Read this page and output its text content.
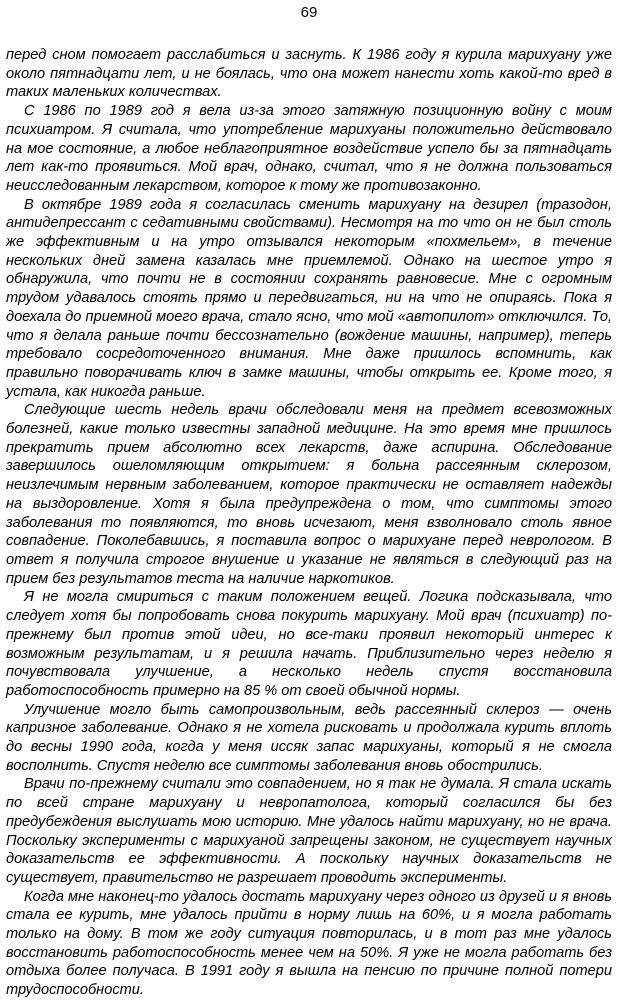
69

перед сном помогает расслабиться и заснуть. К 1986 году я курила марихуану уже около пятнадцати лет, и не боялась, что она может нанести хоть какой-то вред в таких маленьких количествах.

С 1986 по 1989 год я вела из-за этого затяжную позиционную войну с моим психиатром. Я считала, что употребление марихуаны положительно действовало на мое состояние, а любое неблагоприятное воздействие успело бы за пятнадцать лет как-то проявиться. Мой врач, однако, считал, что я не должна пользоваться неисследованным лекарством, которое к тому же противозаконно.

В октябре 1989 года я согласилась сменить марихуану на дезирел (тразодон, антидепрессант с седативными свойствами). Несмотря на то что он не был столь же эффективным и на утро отзывался некоторым «похмельем», в течение нескольких дней замена казалась мне приемлемой. Однако на шестое утро я обнаружила, что почти не в состоянии сохранять равновесие. Мне с огромным трудом удавалось стоять прямо и передвигаться, ни на что не опираясь. Пока я доехала до приемной моего врача, стало ясно, что мой «автопилот» отключился. То, что я делала раньше почти бессознательно (вождение машины, например), теперь требовало сосредоточенного внимания. Мне даже пришлось вспомнить, как правильно поворачивать ключ в замке машины, чтобы открыть ее. Кроме того, я устала, как никогда раньше.

Следующие шесть недель врачи обследовали меня на предмет всевозможных болезней, какие только известны западной медицине. На это время мне пришлось прекратить прием абсолютно всех лекарств, даже аспирина. Обследование завершилось ошеломляющим открытием: я больна рассеянным склерозом, неизлечимым нервным заболеванием, которое практически не оставляет надежды на выздоровление. Хотя я была предупреждена о том, что симптомы этого заболевания то появляются, то вновь исчезают, меня взволновало столь явное совпадение. Поколебавшись, я поставила вопрос о марихуане перед неврологом. В ответ я получила строгое внушение и указание не являться в следующий раз на прием без результатов теста на наличие наркотиков.

Я не могла смириться с таким положением вещей. Логика подсказывала, что следует хотя бы попробовать снова покурить марихуану. Мой врач (психиатр) по-прежнему был против этой идеи, но все-таки проявил некоторый интерес к возможным результатам, и я решила начать. Приблизительно через неделю я почувствовала улучшение, а несколько недель спустя восстановила работоспособность примерно на 85 % от своей обычной нормы.

Улучшение могло быть самопроизвольным, ведь рассеянный склероз — очень капризное заболевание. Однако я не хотела рисковать и продолжала курить вплоть до весны 1990 года, когда у меня иссяк запас марихуаны, который я не смогла восполнить. Спустя неделю все симптомы заболевания вновь обострились.

Врачи по-прежнему считали это совпадением, но я так не думала. Я стала искать по всей стране марихуану и невропатолога, который согласился бы без предубеждения выслушать мою историю. Мне удалось найти марихуану, но не врача. Поскольку эксперименты с марихуаной запрещены законом, не существует научных доказательств ее эффективности. А поскольку научных доказательств не существует, правительство не разрешает проводить эксперименты.

Когда мне наконец-то удалось достать марихуану через одного из друзей и я вновь стала ее курить, мне удалось прийти в норму лишь на 60%, и я могла работать только на дому. В том же году ситуация повторилась, и в тот раз мне удалось восстановить работоспособность менее чем на 50%. Я уже не могла работать без отдыха более получаса. В 1991 году я вышла на пенсию по причине полной потери трудоспособности.
